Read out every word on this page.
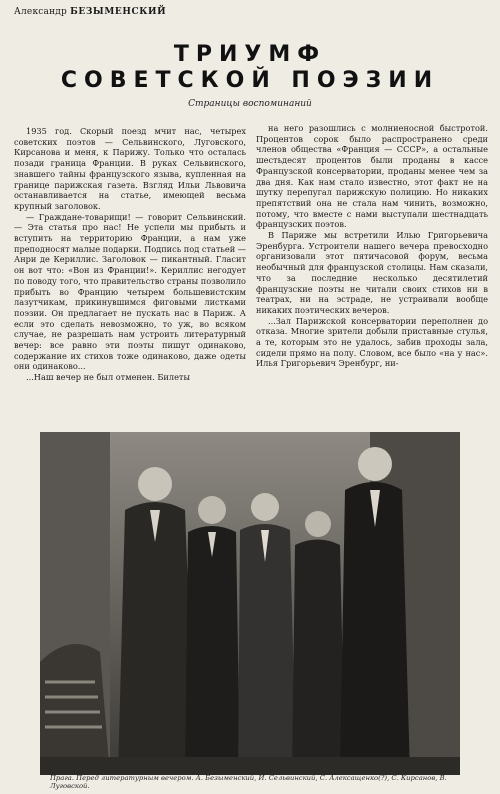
Александр БЕЗЫМЕНСКИЙ
ТРИУМФ
СОВЕТСКОЙ ПОЭЗИИ
Страницы воспоминаний

1935 год. Скорый поезд мчит нас, четырех советских поэтов — Сельвинского, Луговского, Кирсанова и меня, к Парижу. Только что осталась позади граница Франции. В руках Сельвинского, знавшего тайны французского языва, купленная на границе парижская газета. Взгляд Ильи Львовича останавливается на статье, имеющей весьма крупный заголовок.

— Граждане-товарищи! — говорит Сельвинский. — Эта статья про нас! Не успели мы прибыть и вступить на территорию Франции, а нам уже преподносят малые подарки. Подпись под статьей — Анри де Кериллис. Заголовок — пикантный. Гласит он вот что: «Вон из Франции!». Кериллис негодует по поводу того, что правительство страны позволило прибыть во Францию четырем большевистским лазутчикам, прикинувшимся фиговыми листками поэзии. Он предлагает не пускать нас в Париж. А если это сделать невозможно, то уж, во всяком случае, не разрешать нам устроить литературный вечер: все равно эти поэты пишут одинаково, содержание их стихов тоже одинаково, даже одеты они одинаково...

...Наш вечер не был отменен. Билеты

на него разошлись с молниеносной быстротой. Процентов сорок было распространено среди членов общества «Франция — СССР», а остальные шестьдесят процентов были проданы в кассе Французской консерватории, проданы менее чем за два дня. Как нам стало известно, этот факт не на шутку перепугал парижскую полицию. Но никаких препятствий она не стала нам чинить, возможно, потому, что вместе с нами выступали шестнадцать французских поэтов.

В Париже мы встретили Илью Григорьевича Эренбурга. Устроители нашего вечера превосходно организовали этот пятичасовой форум, весьма необычный для французской столицы. Нам сказали, что за последние несколько десятилетий французские поэты не читали своих стихов ни в театрах, ни на эстраде, не устраивали вообще никаких поэтических вечеров.

...Зал Парижской консерватории переполнен до отказа. Многие зрители добыли приставные стулья, а те, которым это не удалось, забив проходы зала, сидели прямо на полу. Словом, все было «на у нас». Илья Григорьевич Эренбург, ни-

Прага. Перед литературным вечером. А. Безыменский, И. Сельвинский, С. Алексащенко(?), С. Кирсанов, В. Луговской.
